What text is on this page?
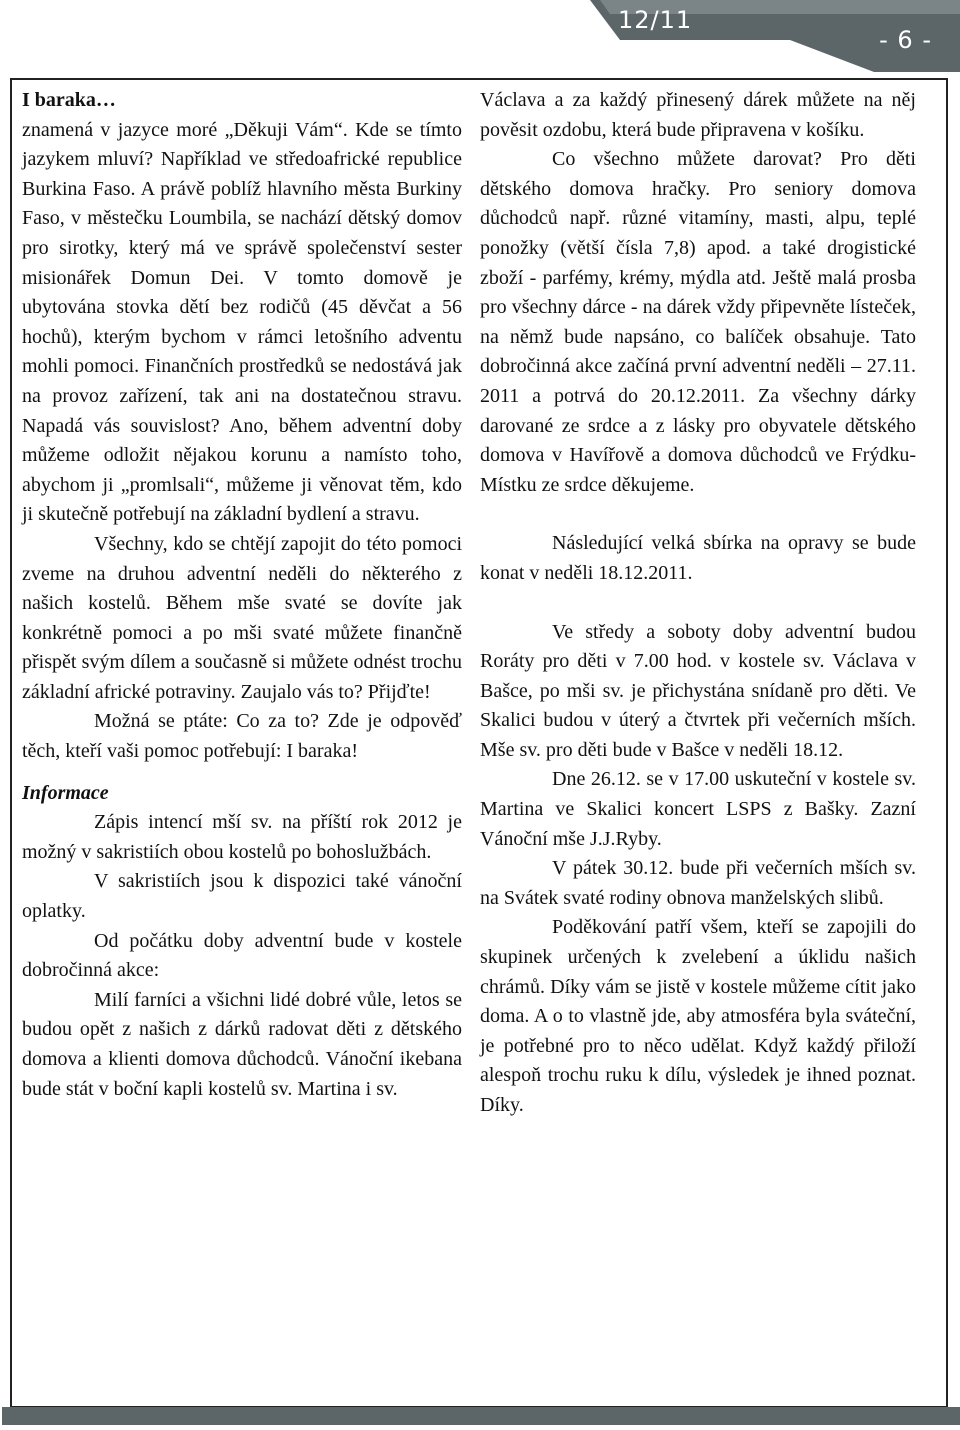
12/11
- 6 -

I baraka…

znamená v jazyce moré „Děkuji Vám“. Kde se tímto jazykem mluví? Například ve středoafrické republice Burkina Faso. A právě poblíž hlavního města Burkiny Faso, v městečku Loumbila, se nachází dětský domov pro sirotky, který má ve správě společenství sester misionářek Domun Dei. V tomto domově je ubytována stovka dětí bez rodičů (45 děvčat a 56 hochů), kterým bychom v rámci letošního adventu mohli pomoci. Finančních prostředků se nedostává jak na provoz zařízení, tak ani na dostatečnou stravu. Napadá vás souvislost? Ano, během adventní doby můžeme odložit nějakou korunu a namísto toho, abychom ji „promlsali“, můžeme ji věnovat těm, kdo ji skutečně potřebují na základní bydlení a stravu.

Všechny, kdo se chtějí zapojit do této pomoci zveme na druhou adventní neděli do některého z našich kostelů. Během mše svaté se dovíte jak konkrétně pomoci a po mši svaté můžete finančně přispět svým dílem a současně si můžete odnést trochu základní africké potraviny. Zaujalo vás to? Přijďte!

Možná se ptáte: Co za to? Zde je odpověď těch, kteří vaši pomoc potřebují: I baraka!

Informace

Zápis intencí mší sv. na příští rok 2012 je možný v sakristiích obou kostelů po bohoslužbách.

V sakristiích jsou k dispozici také vánoční oplatky.

Od počátku doby adventní bude v kostele dobročinná akce:

Milí farníci a všichni lidé dobré vůle, letos se budou opět z našich z dárků radovat děti z dětského domova a klienti domova důchodců. Vánoční ikebana bude stát v boční kapli kostelů sv. Martina i sv.

Václava a za každý přinesený dárek můžete na něj pověsit ozdobu, která bude připravena v košíku.

Co všechno můžete darovat? Pro děti dětského domova hračky. Pro seniory domova důchodců např. různé vitamíny, masti, alpu, teplé ponožky (větší čísla 7,8) apod. a také drogistické zboží - parfémy, krémy, mýdla atd. Ještě malá prosba pro všechny dárce - na dárek vždy připevněte lísteček, na němž bude napsáno, co balíček obsahuje. Tato dobročinná akce začíná první adventní neděli – 27.11. 2011 a potrvá do 20.12.2011. Za všechny dárky darované ze srdce a z lásky pro obyvatele dětského domova v Havířově a domova důchodců ve Frýdku-Místku ze srdce děkujeme.

Následující velká sbírka na opravy se bude konat v neděli 18.12.2011.

Ve středy a soboty doby adventní budou Roráty pro děti v 7.00 hod. v kostele sv. Václava v Bašce, po mši sv. je přichystána snídaně pro děti. Ve Skalici budou v úterý a čtvrtek při večerních mších. Mše sv. pro děti bude v Bašce v neděli 18.12.

Dne 26.12. se v 17.00 uskuteční v kostele sv. Martina ve Skalici koncert LSPS z Bašky. Zazní Vánoční mše J.J.Ryby.

V pátek 30.12. bude při večerních mších sv. na Svátek svaté rodiny obnova manželských slibů.

Poděkování patří všem, kteří se zapojili do skupinek určených k zvelebení a úklidu našich chrámů. Díky vám se jistě v kostele můžeme cítit jako doma. A o to vlastně jde, aby atmosféra byla sváteční, je potřebné pro to něco udělat. Když každý přiloží alespoň trochu ruku k dílu, výsledek je ihned poznat. Díky.
